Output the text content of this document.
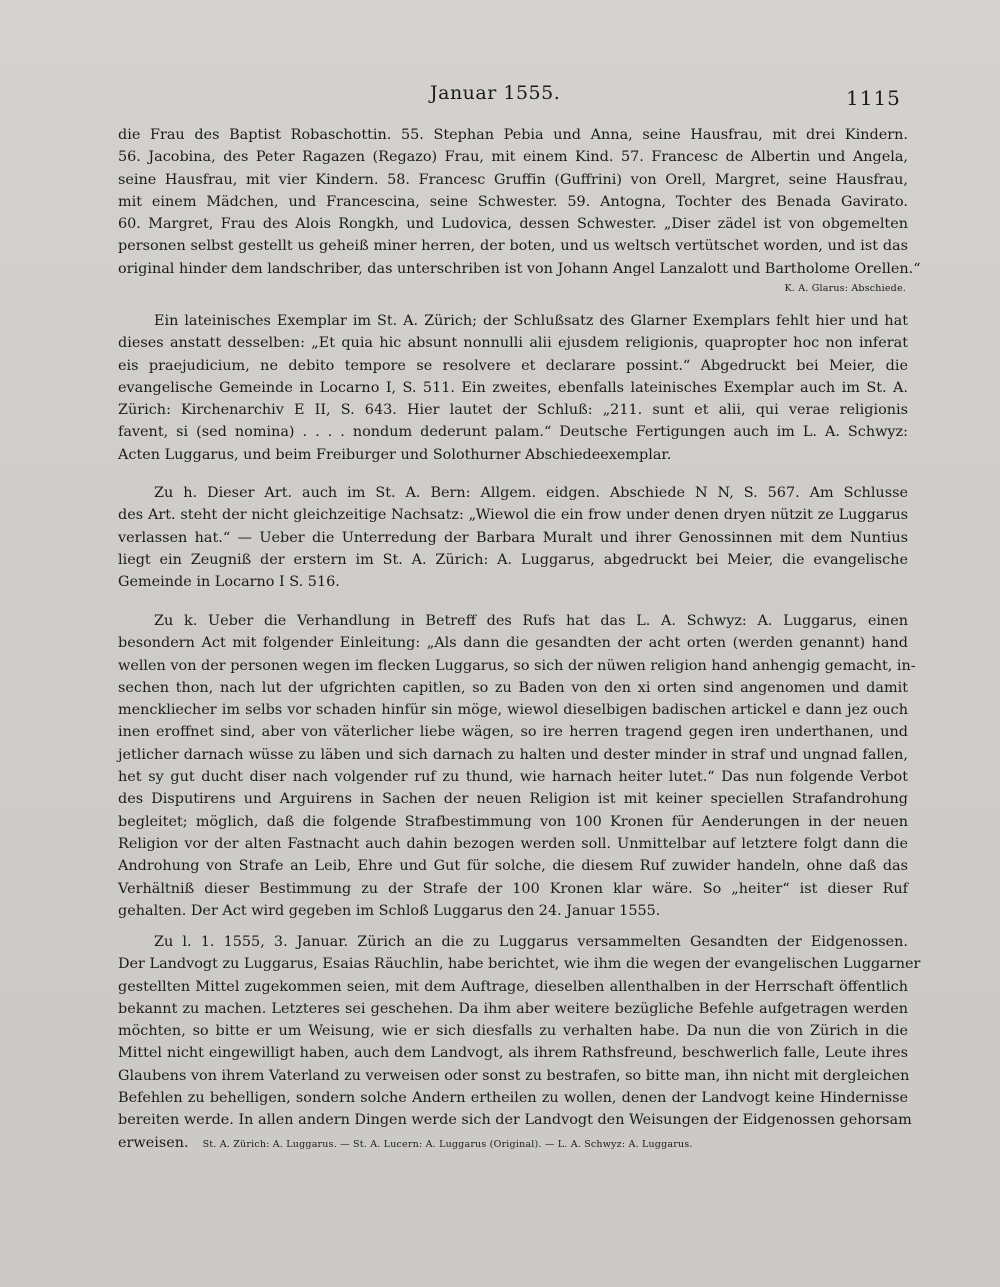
Januar 1555.	1115
die Frau des Baptist Robaschottin. 55. Stephan Pebia und Anna, seine Hausfrau, mit drei Kindern.
56. Jacobina, des Peter Ragazen (Regazo) Frau, mit einem Kind. 57. Francesc de Albertin und Angela,
seine Hausfrau, mit vier Kindern. 58. Francesc Gruffin (Guffrini) von Orell, Margret, seine Hausfrau,
mit einem Mädchen, und Francescina, seine Schwester. 59. Antogna, Tochter des Benada Gavirato.
60. Margret, Frau des Alois Rongkh, und Ludovica, dessen Schwester. „Diser zädel ist von obgemelten
personen selbst gestellt us geheiß miner herren, der boten, und us weltsch vertütschet worden, und ist das
original hinder dem landschriber, das unterschriben ist von Johann Angel Lanzalott und Bartholome Orellen.“
K. A. Glarus: Abschiede.
Ein lateinisches Exemplar im St. A. Zürich; der Schlußsatz des Glarner Exemplars fehlt hier und hat
dieses anstatt desselben: „Et quia hic absunt nonnulli alii ejusdem religionis, quapropter hoc non inferat
eis praejudicium, ne debito tempore se resolvere et declarare possint.“ Abgedruckt bei Meier, die
evangelische Gemeinde in Locarno I, S. 511. Ein zweites, ebenfalls lateinisches Exemplar auch im St. A.
Zürich: Kirchenarchiv E II, S. 643. Hier lautet der Schluß: „211. sunt et alii, qui verae religionis
favent, si (sed nomina) . . . . nondum dederunt palam.“ Deutsche Fertigungen auch im L. A. Schwyz:
Acten Luggarus, und beim Freiburger und Solothurner Abschiedeexemplar.
Zu h. Dieser Art. auch im St. A. Bern: Allgem. eidgen. Abschiede N N, S. 567. Am Schlusse
des Art. steht der nicht gleichzeitige Nachsatz: „Wiewol die ein frow under denen dryen nützit ze Luggarus
verlassen hat.“ — Ueber die Unterredung der Barbara Muralt und ihrer Genossinnen mit dem Nuntius
liegt ein Zeugniß der erstern im St. A. Zürich: A. Luggarus, abgedruckt bei Meier, die evangelische
Gemeinde in Locarno I S. 516.
Zu k. Ueber die Verhandlung in Betreff des Rufs hat das L. A. Schwyz: A. Luggarus, einen
besondern Act mit folgender Einleitung: „Als dann die gesandten der acht orten (werden genannt) hand
wellen von der personen wegen im flecken Luggarus, so sich der nüwen religion hand anhengig gemacht, in-
sechen thon, nach lut der ufgrichten capitlen, so zu Baden von den xi orten sind angenomen und damit
menckliecher im selbs vor schaden hinfür sin möge, wiewol dieselbigen badischen artickel e dann jez ouch
inen eroffnet sind, aber von väterlicher liebe wägen, so ire herren tragend gegen iren underthanen, und
jetlicher darnach wüsse zu läben und sich darnach zu halten und dester minder in straf und ungnad fallen,
het sy gut ducht diser nach volgender ruf zu thund, wie harnach heiter lutet.“ Das nun folgende Verbot
des Disputirens und Arguirens in Sachen der neuen Religion ist mit keiner speciellen Strafandrohung
begleitet; möglich, daß die folgende Strafbestimmung von 100 Kronen für Aenderungen in der neuen
Religion vor der alten Fastnacht auch dahin bezogen werden soll. Unmittelbar auf letztere folgt dann die
Androhung von Strafe an Leib, Ehre und Gut für solche, die diesem Ruf zuwider handeln, ohne daß das
Verhältniß dieser Bestimmung zu der Strafe der 100 Kronen klar wäre. So „heiter“ ist dieser Ruf
gehalten. Der Act wird gegeben im Schloß Luggarus den 24. Januar 1555.
Zu l. 1. 1555, 3. Januar. Zürich an die zu Luggarus versammelten Gesandten der Eidgenossen.
Der Landvogt zu Luggarus, Esaias Räuchlin, habe berichtet, wie ihm die wegen der evangelischen Luggarner
gestellten Mittel zugekommen seien, mit dem Auftrage, dieselben allenthalben in der Herrschaft öffentlich
bekannt zu machen. Letzteres sei geschehen. Da ihm aber weitere bezügliche Befehle aufgetragen werden
möchten, so bitte er um Weisung, wie er sich diesfalls zu verhalten habe. Da nun die von Zürich in die
Mittel nicht eingewilligt haben, auch dem Landvogt, als ihrem Rathsfreund, beschwerlich falle, Leute ihres
Glaubens von ihrem Vaterland zu verweisen oder sonst zu bestrafen, so bitte man, ihn nicht mit dergleichen
Befehlen zu behelligen, sondern solche Andern ertheilen zu wollen, denen der Landvogt keine Hindernisse
bereiten werde. In allen andern Dingen werde sich der Landvogt den Weisungen der Eidgenossen gehorsam
erweisen. St. A. Zürich: A. Luggarus. — St. A. Lucern: A. Luggarus (Original). — L. A. Schwyz: A. Luggarus.
